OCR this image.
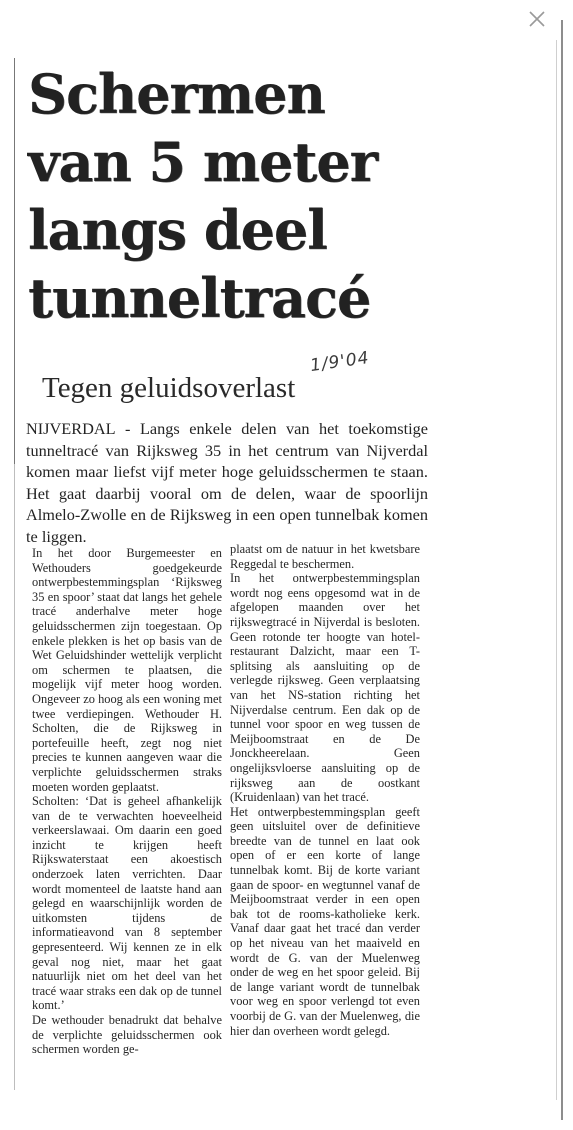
Schermen
van 5 meter
langs deel
tunneltracé
1/9'04
Tegen geluidsoverlast
NIJVERDAL - Langs enkele delen van het toekomstige tunneltracé van Rijksweg 35 in het centrum van Nijverdal komen maar liefst vijf meter hoge geluidsschermen te staan. Het gaat daarbij vooral om de delen, waar de spoorlijn Almelo-Zwolle en de Rijksweg in een open tunnelbak komen te liggen.

In het door Burgemeester en Wethouders goedgekeurde ontwerpbestemmingsplan ‘Rijksweg 35 en spoor’ staat dat langs het gehele tracé anderhalve meter hoge geluidsschermen zijn toegestaan. Op enkele plekken is het op basis van de Wet Geluidshinder wettelijk verplicht om schermen te plaatsen, die mogelijk vijf meter hoog worden. Ongeveer zo hoog als een woning met twee verdiepingen. Wethouder H. Scholten, die de Rijksweg in portefeuille heeft, zegt nog niet precies te kunnen aangeven waar die verplichte geluidsschermen straks moeten worden geplaatst.

Scholten: ‘Dat is geheel afhankelijk van de te verwachten hoeveelheid verkeerslawaai. Om daarin een goed inzicht te krijgen heeft Rijkswaterstaat een akoestisch onderzoek laten verrichten. Daar wordt momenteel de laatste hand aan gelegd en waarschijnlijk worden de uitkomsten tijdens de informatieavond van 8 september gepresenteerd. Wij kennen ze in elk geval nog niet, maar het gaat natuurlijk niet om het deel van het tracé waar straks een dak op de tunnel komt.’

De wethouder benadrukt dat behalve de verplichte geluidsschermen ook schermen worden ge-

plaatst om de natuur in het kwetsbare Reggedal te beschermen.

In het ontwerpbestemmingsplan wordt nog eens opgesomd wat in de afgelopen maanden over het rijkswegtracé in Nijverdal is besloten. Geen rotonde ter hoogte van hotel-restaurant Dalzicht, maar een T-splitsing als aansluiting op de verlegde rijksweg. Geen verplaatsing van het NS-station richting het Nijverdalse centrum. Een dak op de tunnel voor spoor en weg tussen de Meijboomstraat en de De Jonckheerelaan. Geen ongelijksvloerse aansluiting op de rijksweg aan de oostkant (Kruidenlaan) van het tracé.

Het ontwerpbestemmingsplan geeft geen uitsluitel over de definitieve breedte van de tunnel en laat ook open of er een korte of lange tunnelbak komt. Bij de korte variant gaan de spoor- en wegtunnel vanaf de Meijboomstraat verder in een open bak tot de rooms-katholieke kerk. Vanaf daar gaat het tracé dan verder op het niveau van het maaiveld en wordt de G. van der Muelenweg onder de weg en het spoor geleid. Bij de lange variant wordt de tunnelbak voor weg en spoor verlengd tot even voorbij de G. van der Muelenweg, die hier dan overheen wordt gelegd.
